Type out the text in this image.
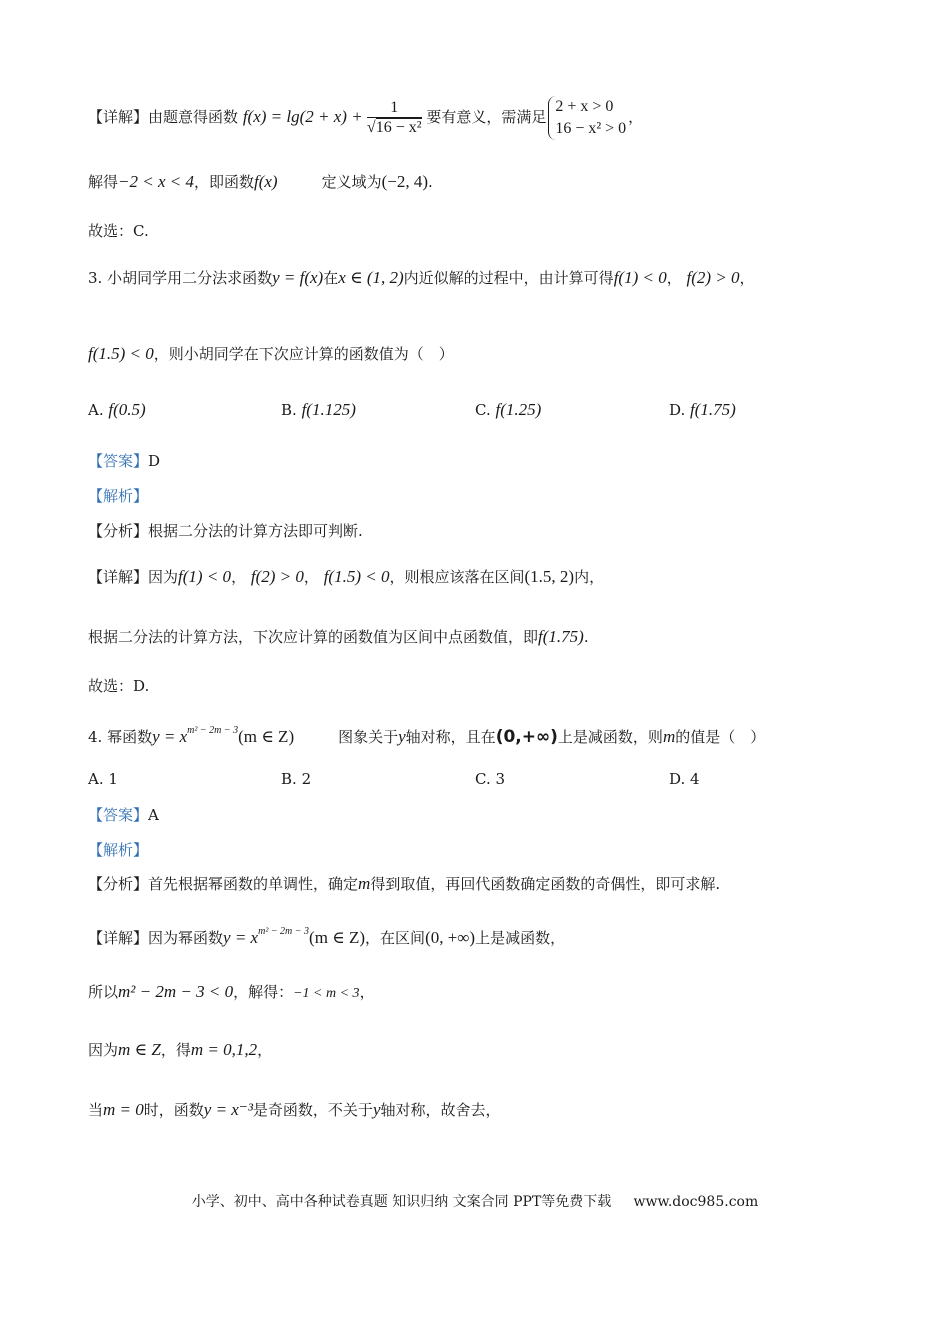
【详解】由题意得函数 $f(x) = \lg(2 + x) + \frac{1}{\text{√16 − x²}}$ 要有意义，需满足
2 + x > 0
16 − x² > 0
，
解得−2 < x < 4，即函数f(x)	定义域为(−2, 4).
故选：C.
3. 小胡同学用二分法求函数y = f(x)在x ∈ (1, 2)内近似解的过程中，由计算可得f(1) < 0， f(2) > 0，
f(1.5) < 0，则小胡同学在下次应计算的函数值为（　）
A. f(0.5)	B. f(1.125)	C. f(1.25)	D. f(1.75)
【答案】D
【解析】
【分析】根据二分法的计算方法即可判断.
【详解】因为f(1) < 0， f(2) > 0， f(1.5) < 0，则根应该落在区间(1.5, 2)内，
根据二分法的计算方法，下次应计算的函数值为区间中点函数值，即f(1.75).
故选：D.
4. 幂函数$y = x^{m^2 - 2m - 3}(m$ ∈ Z)	图象关于y轴对称，且在(0,+∞)上是减函数，则m的值是（　）
A. 1	B. 2	C. 3	D. 4
【答案】A
【解析】
【分析】首先根据幂函数的单调性，确定m得到取值，再回代函数确定函数的奇偶性，即可求解.
【详解】因为幂函数$y = x^{m^2 - 2m - 3}(m$ ∈ Z)，在区间(0, +∞)上是减函数，
所以m² − 2m − 3 < 0，解得：−1 < m < 3，
因为m ∈ Z，得m = 0,1,2，
当m = 0时，函数y = x⁻³是奇函数，不关于y轴对称，故舍去，
小学、初中、高中各种试卷真题 知识归纳 文案合同 PPT等免费下载 www.doc985.com
